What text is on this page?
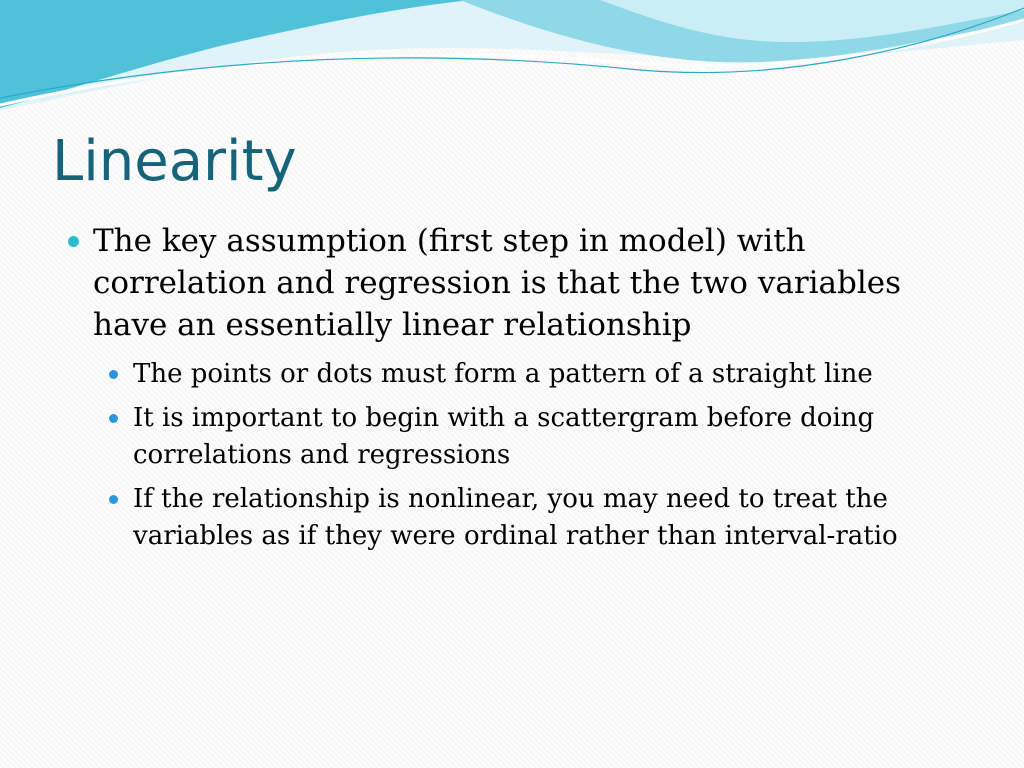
Linearity
The key assumption (first step in model) with correlation and regression is that the two variables have an essentially linear relationship
The points or dots must form a pattern of a straight line
It is important to begin with a scattergram before doing correlations and regressions
If the relationship is nonlinear, you may need to treat the variables as if they were ordinal rather than interval-ratio
